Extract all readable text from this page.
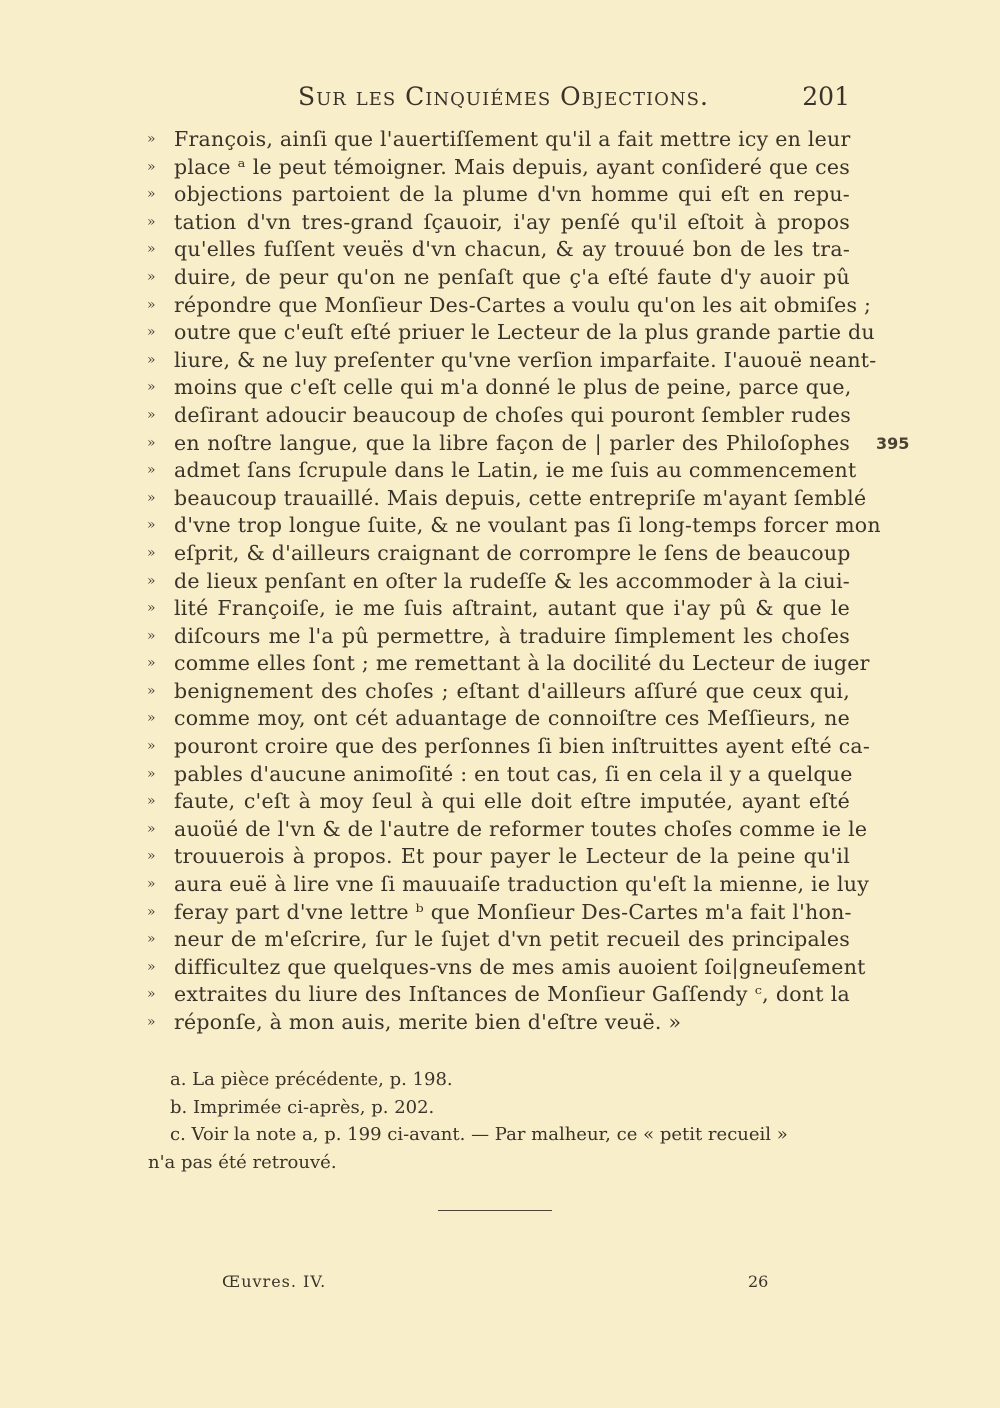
Sur les Cinquiémes Objections.	201
» François, ainſi que l'auertiſſement qu'il a fait mettre icy en leur
» place ᵃ le peut témoigner. Mais depuis, ayant conſideré que ces
» objections partoient de la plume d'vn homme qui eſt en repu-
» tation d'vn tres-grand ſçauoir, i'ay penſé qu'il eſtoit à propos
» qu'elles fuſſent veuës d'vn chacun, & ay trouué bon de les tra-
» duire, de peur qu'on ne penſaſt que ç'a eſté faute d'y auoir pû
» répondre que Monſieur Des-Cartes a voulu qu'on les ait obmiſes ;
» outre que c'euſt eſté priuer le Lecteur de la plus grande partie du
» liure, & ne luy preſenter qu'vne verſion imparfaite. I'auouë neant-
» moins que c'eſt celle qui m'a donné le plus de peine, parce que,
» deſirant adoucir beaucoup de choſes qui pouront ſembler rudes
» en noſtre langue, que la libre façon de | parler des Philoſophes 395
» admet ſans ſcrupule dans le Latin, ie me ſuis au commencement
» beaucoup trauaillé. Mais depuis, cette entrepriſe m'ayant ſemblé
» d'vne trop longue ſuite, & ne voulant pas ſi long-temps forcer mon
» eſprit, & d'ailleurs craignant de corrompre le ſens de beaucoup
» de lieux penſant en oſter la rudeſſe & les accommoder à la ciui-
» lité Françoiſe, ie me ſuis aſtraint, autant que i'ay pû & que le
» diſcours me l'a pû permettre, à traduire ſimplement les choſes
» comme elles ſont ; me remettant à la docilité du Lecteur de iuger
» benignement des choſes ; eſtant d'ailleurs aſſuré que ceux qui,
» comme moy, ont cét aduantage de connoiſtre ces Meſſieurs, ne
» pouront croire que des perſonnes ſi bien inſtruittes ayent eſté ca-
» pables d'aucune animoſité : en tout cas, ſi en cela il y a quelque
» faute, c'eſt à moy ſeul à qui elle doit eſtre imputée, ayant eſté
» auoüé de l'vn & de l'autre de reformer toutes choſes comme ie le
» trouuerois à propos. Et pour payer le Lecteur de la peine qu'il
» aura euë à lire vne ſi mauuaiſe traduction qu'eſt la mienne, ie luy
» feray part d'vne lettre ᵇ que Monſieur Des-Cartes m'a fait l'hon-
» neur de m'eſcrire, ſur le ſujet d'vn petit recueil des principales
» difficultez que quelques-vns de mes amis auoient ſoi|gneuſement
» extraites du liure des Inſtances de Monſieur Gaſſendy ᶜ, dont la
» réponſe, à mon auis, merite bien d'eſtre veuë. »
a. La pièce précédente, p. 198.
b. Imprimée ci-après, p. 202.
c. Voir la note a, p. 199 ci-avant. — Par malheur, ce « petit recueil »
n'a pas été retrouvé.
Œuvres. IV.	26
